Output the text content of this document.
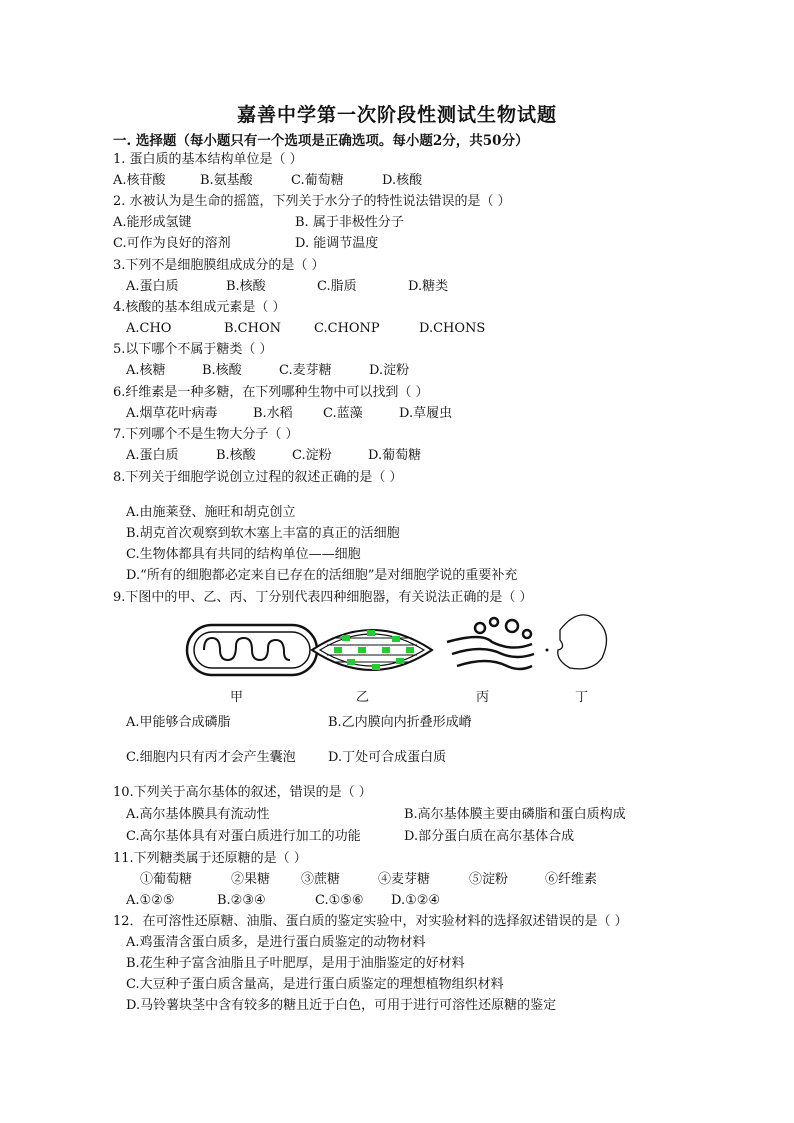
嘉善中学第一次阶段性测试生物试题
一. 选择题（每小题只有一个选项是正确选项。每小题2分，共50分）
1. 蛋白质的基本结构单位是（ ）
A.核苷酸	B.氨基酸	C.葡萄糖	D.核酸
2. 水被认为是生命的摇篮，下列关于水分子的特性说法错误的是（ ）
A.能形成氢键	B. 属于非极性分子
C.可作为良好的溶剂	D. 能调节温度
3.下列不是细胞膜组成成分的是（ ）
A.蛋白质	B.核酸	C.脂质	D.糖类
4.核酸的基本组成元素是（ ）
A.CHO	B.CHON	C.CHONP	D.CHONS
5.以下哪个不属于糖类（ ）
A.核糖	B.核酸	C.麦芽糖	D.淀粉
6.纤维素是一种多糖，在下列哪种生物中可以找到（ ）
A.烟草花叶病毒	B.水稻	C.蓝藻	D.草履虫
7.下列哪个不是生物大分子（ ）
A.蛋白质	B.核酸	C.淀粉	D.葡萄糖
8.下列关于细胞学说创立过程的叙述正确的是（ ）
A.由施莱登、施旺和胡克创立
B.胡克首次观察到软木塞上丰富的真正的活细胞
C.生物体都具有共同的结构单位——细胞
D.“所有的细胞都必定来自已存在的活细胞”是对细胞学说的重要补充
9.下图中的甲、乙、丙、丁分别代表四种细胞器，有关说法正确的是（ ）
甲	乙	丙	丁
A.甲能够合成磷脂	B.乙内膜向内折叠形成嵴
C.细胞内只有丙才会产生囊泡	D.丁处可合成蛋白质
10.下列关于高尔基体的叙述，错误的是（ ）
A.高尔基体膜具有流动性	B.高尔基体膜主要由磷脂和蛋白质构成
C.高尔基体具有对蛋白质进行加工的功能	D.部分蛋白质在高尔基体合成
11.下列糖类属于还原糖的是（ ）
①葡萄糖	②果糖	③蔗糖	④麦芽糖	⑤淀粉	⑥纤维素
A.①②⑤	B.②③④	C.①⑤⑥	D.①②④
12．在可溶性还原糖、油脂、蛋白质的鉴定实验中，对实验材料的选择叙述错误的是（ ）
A.鸡蛋清含蛋白质多，是进行蛋白质鉴定的动物材料
B.花生种子富含油脂且子叶肥厚，是用于油脂鉴定的好材料
C.大豆种子蛋白质含量高，是进行蛋白质鉴定的理想植物组织材料
D.马铃薯块茎中含有较多的糖且近于白色，可用于进行可溶性还原糖的鉴定
